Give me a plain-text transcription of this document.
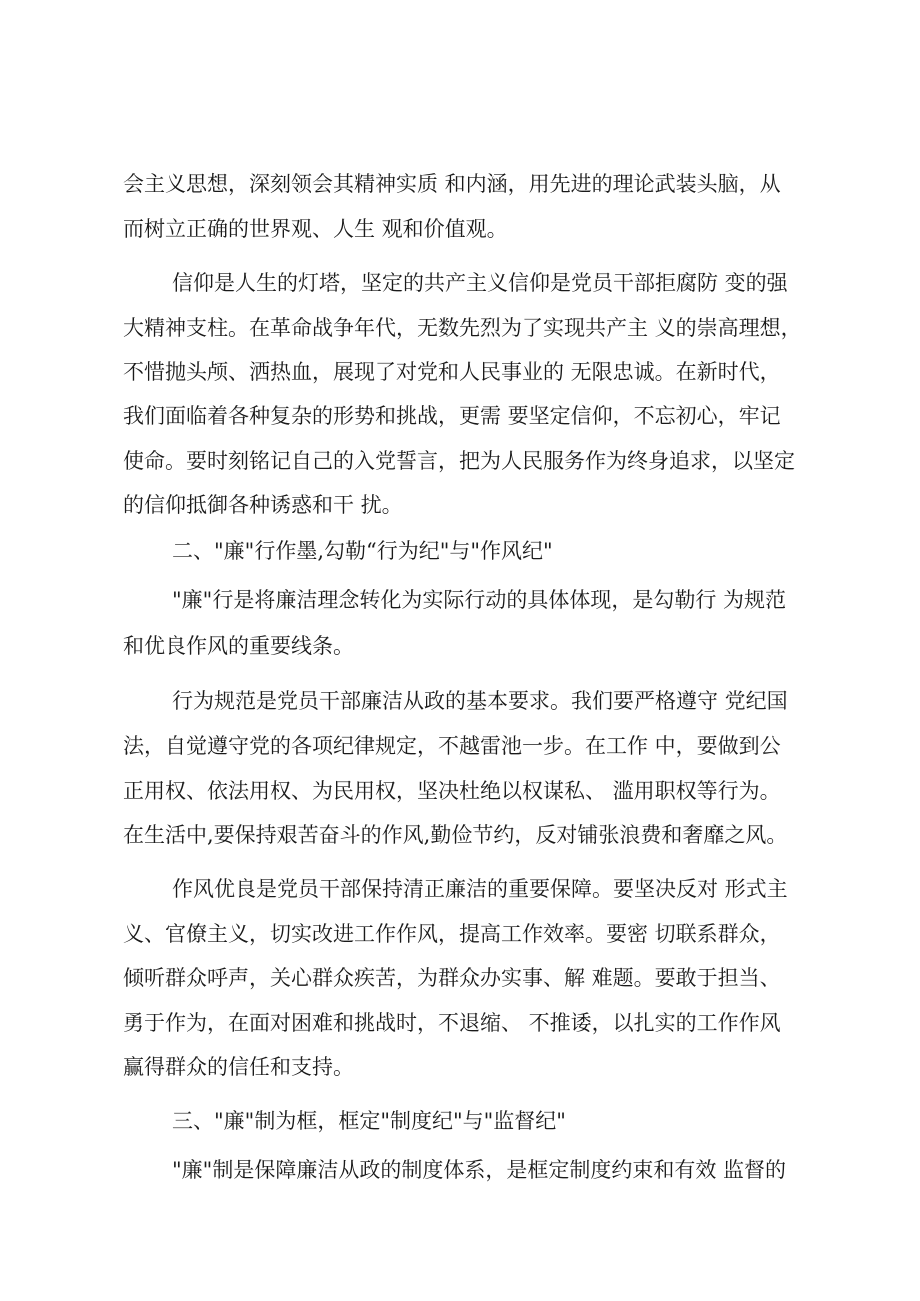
会主义思想，深刻领会其精神实质 和内涵，用先进的理论武装头脑，从
而树立正确的世界观、人生 观和价值观。
信仰是人生的灯塔，坚定的共产主义信仰是党员干部拒腐防 变的强
大精神支柱。在革命战争年代，无数先烈为了实现共产主 义的崇高理想，
不惜抛头颅、洒热血，展现了对党和人民事业的 无限忠诚。在新时代，
我们面临着各种复杂的形势和挑战，更需 要坚定信仰，不忘初心，牢记
使命。要时刻铭记自己的入党誓言，把为人民服务作为终身追求，以坚定
的信仰抵御各种诱惑和干 扰。
二、"廉"行作墨,勾勒“行为纪"与"作风纪"
"廉"行是将廉洁理念转化为实际行动的具体体现，是勾勒行 为规范
和优良作风的重要线条。
行为规范是党员干部廉洁从政的基本要求。我们要严格遵守 党纪国
法，自觉遵守党的各项纪律规定，不越雷池一步。在工作 中，要做到公
正用权、依法用权、为民用权，坚决杜绝以权谋私、 滥用职权等行为。
在生活中,要保持艰苦奋斗的作风,勤俭节约，反对铺张浪费和奢靡之风。
作风优良是党员干部保持清正廉洁的重要保障。要坚决反对 形式主
义、官僚主义，切实改进工作作风，提高工作效率。要密 切联系群众，
倾听群众呼声，关心群众疾苦，为群众办实事、解 难题。要敢于担当、
勇于作为，在面对困难和挑战时，不退缩、 不推诿，以扎实的工作作风
赢得群众的信任和支持。
三、"廉"制为框，框定"制度纪"与"监督纪"
"廉"制是保障廉洁从政的制度体系，是框定制度约束和有效 监督的
